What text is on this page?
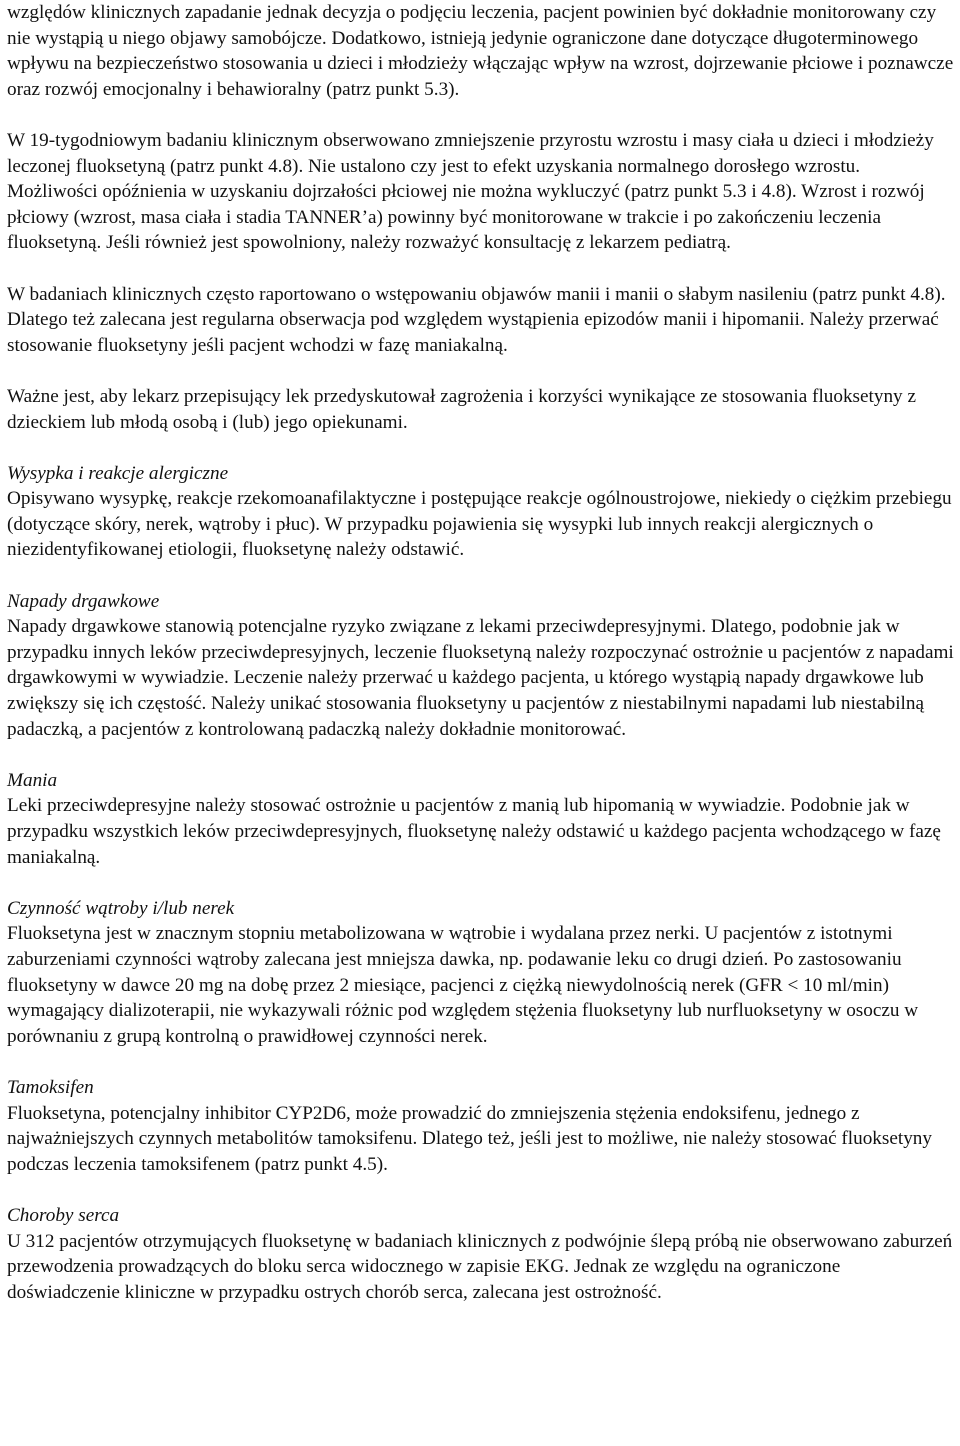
względów klinicznych zapadanie jednak decyzja o podjęciu leczenia, pacjent powinien być dokładnie monitorowany czy nie wystąpią u niego objawy samobójcze. Dodatkowo, istnieją jedynie ograniczone dane dotyczące długoterminowego wpływu na bezpieczeństwo stosowania u dzieci i młodzieży włączając wpływ na wzrost, dojrzewanie płciowe i poznawcze oraz rozwój emocjonalny i behawioralny (patrz punkt 5.3).

W 19-tygodniowym badaniu klinicznym obserwowano zmniejszenie przyrostu wzrostu i masy ciała u dzieci i młodzieży leczonej fluoksetyną (patrz punkt 4.8). Nie ustalono czy jest to efekt uzyskania normalnego dorosłego wzrostu. Możliwości opóźnienia w uzyskaniu dojrzałości płciowej nie można wykluczyć (patrz punkt 5.3 i 4.8). Wzrost i rozwój płciowy (wzrost, masa ciała i stadia TANNER’a) powinny być monitorowane w trakcie i po zakończeniu leczenia fluoksetyną. Jeśli również jest spowolniony, należy rozważyć konsultację z lekarzem pediatrą.

W badaniach klinicznych często raportowano o wstępowaniu objawów manii i manii o słabym nasileniu (patrz punkt 4.8). Dlatego też zalecana jest regularna obserwacja pod względem wystąpienia epizodów manii i hipomanii. Należy przerwać stosowanie fluoksetyny jeśli pacjent wchodzi w fazę maniakalną.

Ważne jest, aby lekarz przepisujący lek przedyskutował zagrożenia i korzyści wynikające ze stosowania fluoksetyny z dzieckiem lub młodą osobą i (lub) jego opiekunami.

Wysypka i reakcje alergiczne

Opisywano wysypkę, reakcje rzekomoanafilaktyczne i postępujące reakcje ogólnoustrojowe, niekiedy o ciężkim przebiegu (dotyczące skóry, nerek, wątroby i płuc). W przypadku pojawienia się wysypki lub innych reakcji alergicznych o niezidentyfikowanej etiologii, fluoksetynę należy odstawić.

Napady drgawkowe

Napady drgawkowe stanowią potencjalne ryzyko związane z lekami przeciwdepresyjnymi. Dlatego, podobnie jak w przypadku innych leków przeciwdepresyjnych, leczenie fluoksetyną należy rozpoczynać ostrożnie u pacjentów z napadami drgawkowymi w wywiadzie. Leczenie należy przerwać u każdego pacjenta, u którego wystąpią napady drgawkowe lub zwiększy się ich częstość. Należy unikać stosowania fluoksetyny u pacjentów z niestabilnymi napadami lub niestabilną padaczką, a pacjentów z kontrolowaną padaczką należy dokładnie monitorować.

Mania

Leki przeciwdepresyjne należy stosować ostrożnie u pacjentów z manią lub hipomanią w wywiadzie. Podobnie jak w przypadku wszystkich leków przeciwdepresyjnych, fluoksetynę należy odstawić u każdego pacjenta wchodzącego w fazę maniakalną.

Czynność wątroby i/lub nerek

Fluoksetyna jest w znacznym stopniu metabolizowana w wątrobie i wydalana przez nerki. U pacjentów z istotnymi zaburzeniami czynności wątroby zalecana jest mniejsza dawka, np. podawanie leku co drugi dzień. Po zastosowaniu fluoksetyny w dawce 20 mg na dobę przez 2 miesiące, pacjenci z ciężką niewydolnością nerek (GFR < 10 ml/min) wymagający dializoterapii, nie wykazywali różnic pod względem stężenia fluoksetyny lub nurfluoksetyny w osoczu w porównaniu z grupą kontrolną o prawidłowej czynności nerek.

Tamoksifen

Fluoksetyna, potencjalny inhibitor CYP2D6, może prowadzić do zmniejszenia stężenia endoksifenu, jednego z najważniejszych czynnych metabolitów tamoksifenu. Dlatego też, jeśli jest to możliwe, nie należy stosować fluoksetyny podczas leczenia tamoksifenem (patrz punkt 4.5).

Choroby serca

U 312 pacjentów otrzymujących fluoksetynę w badaniach klinicznych z podwójnie ślepą próbą nie obserwowano zaburzeń przewodzenia prowadzących do bloku serca widocznego w zapisie EKG. Jednak ze względu na ograniczone doświadczenie kliniczne w przypadku ostrych chorób serca, zalecana jest ostrożność.
